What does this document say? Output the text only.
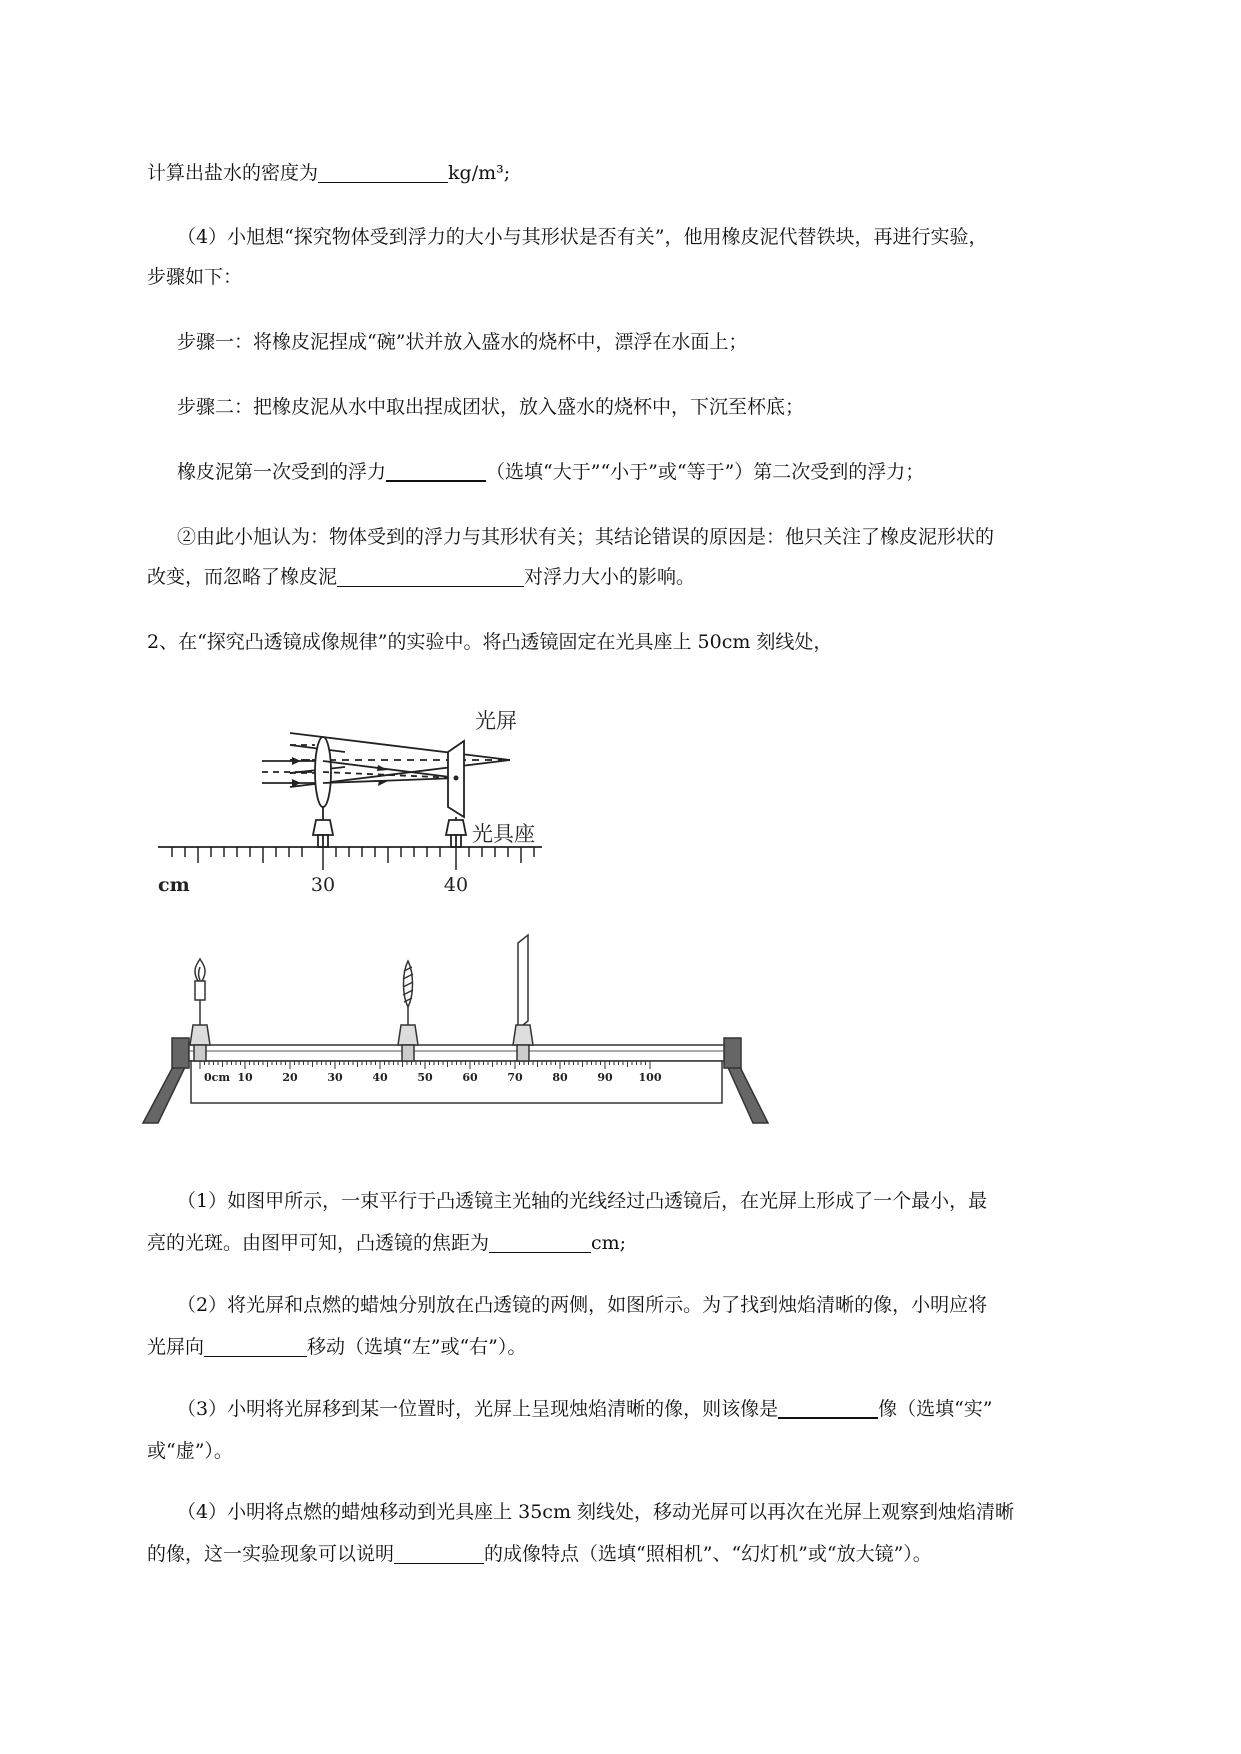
计算出盐水的密度为	kg/m³;
（4）小旭想“探究物体受到浮力的大小与其形状是否有关”，他用橡皮泥代替铁块，再进行实验，
步骤如下：
步骤一：将橡皮泥捏成“碗”状并放入盛水的烧杯中，漂浮在水面上；
步骤二：把橡皮泥从水中取出捏成团状，放入盛水的烧杯中，下沉至杯底；
橡皮泥第一次受到的浮力	（选填“大于”“小于”或“等于”）第二次受到的浮力；
②由此小旭认为：物体受到的浮力与其形状有关；其结论错误的原因是：他只关注了橡皮泥形状的
改变，而忽略了橡皮泥	对浮力大小的影响。
2、在“探究凸透镜成像规律”的实验中。将凸透镜固定在光具座上 50cm 刻线处，
光屏
光具座
cm	30	40
0cm 10	20	30	40	50	60	70	80	90 100
（1）如图甲所示，一束平行于凸透镜主光轴的光线经过凸透镜后，在光屏上形成了一个最小，最
亮的光斑。由图甲可知，凸透镜的焦距为	cm;
（2）将光屏和点燃的蜡烛分别放在凸透镜的两侧，如图所示。为了找到烛焰清晰的像，小明应将
光屏向	移动（选填“左”或“右”）。
（3）小明将光屏移到某一位置时，光屏上呈现烛焰清晰的像，则该像是	像（选填“实”
或“虚”）。
（4）小明将点燃的蜡烛移动到光具座上 35cm 刻线处，移动光屏可以再次在光屏上观察到烛焰清晰
的像，这一实验现象可以说明	的成像特点（选填“照相机”、“幻灯机”或“放大镜”）。
